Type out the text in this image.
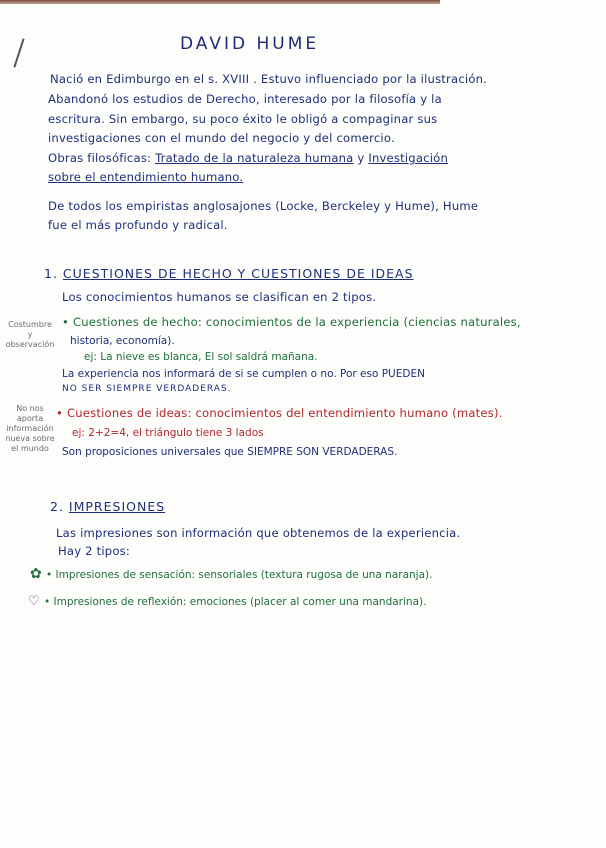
DAVID HUME
Nació en Edimburgo en el s. XVIII . Estuvo influenciado por la ilustración.
Abandonó los estudios de Derecho, interesado por la filosofía y la
escritura. Sin embargo, su poco éxito le obligó a compaginar sus
investigaciones con el mundo del negocio y del comercio.
Obras filosóficas: Tratado de la naturaleza humana y Investigación
sobre el entendimiento humano.
De todos los empiristas anglosajones (Locke, Berckeley y Hume), Hume
fue el más profundo y radical.
1. CUESTIONES DE HECHO Y CUESTIONES DE IDEAS
Los conocimientos humanos se clasifican en 2 tipos.
Costumbre
y
observación
• Cuestiones de hecho: conocimientos de la experiencia (ciencias naturales,
historia, economía).
ej: La nieve es blanca, El sol saldrá mañana.
La experiencia nos informará de si se cumplen o no. Por eso PUEDEN
NO SER SIEMPRE VERDADERAS.
No nos
aporta
información
nueva sobre
el mundo
• Cuestiones de ideas: conocimientos del entendimiento humano (mates).
ej: 2+2=4, el triángulo tiene 3 lados
Son proposiciones universales que SIEMPRE SON VERDADERAS.
2. IMPRESIONES
Las impresiones son información que obtenemos de la experiencia.
Hay 2 tipos:
✿ • Impresiones de sensación: sensoriales (textura rugosa de una naranja).
♡ • Impresiones de reflexión: emociones (placer al comer una mandarina).
